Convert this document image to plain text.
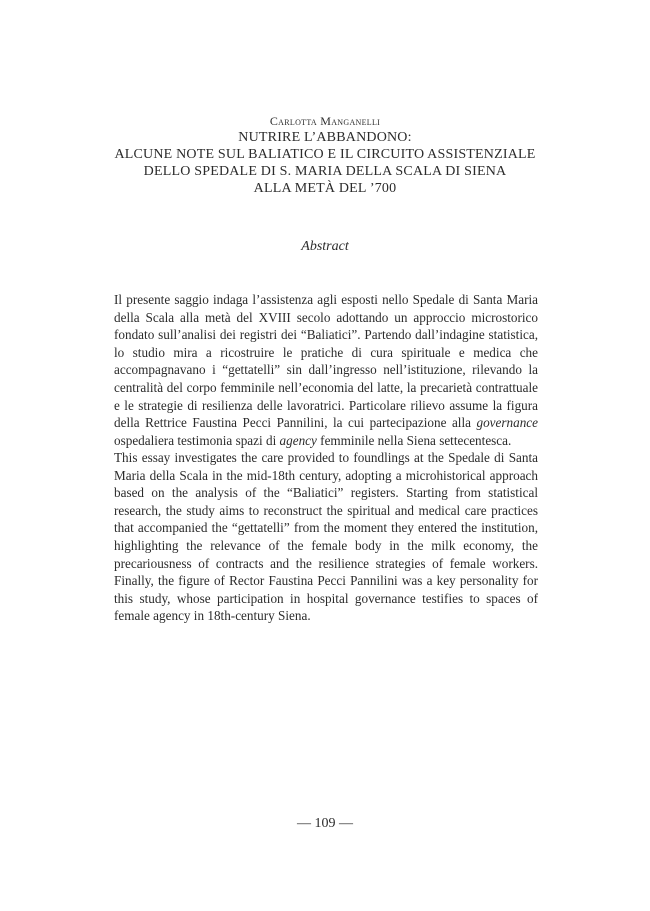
Carlotta Manganelli

NUTRIRE L’ABBANDONO:
ALCUNE NOTE SUL BALIATICO E IL CIRCUITO ASSISTENZIALE
DELLO SPEDALE DI S. MARIA DELLA SCALA DI SIENA
ALLA METÀ DEL ’700

Abstract

Il presente saggio indaga l’assistenza agli esposti nello Spedale di Santa Maria della Scala alla metà del XVIII secolo adottando un approccio microstorico fondato sull’analisi dei registri dei “Baliatici”. Partendo dall’indagine statistica, lo studio mira a ricostruire le pratiche di cura spirituale e medica che accompagnavano i “gettatelli” sin dall’ingresso nell’istituzione, rilevando la centralità del corpo femminile nell’economia del latte, la precarietà contrattuale e le strategie di resilienza delle lavoratrici. Particolare rilievo assume la figura della Rettrice Faustina Pecci Pannilini, la cui partecipazione alla governance ospedaliera testimonia spazi di agency femminile nella Siena settecentesca.

This essay investigates the care provided to foundlings at the Spedale di Santa Maria della Scala in the mid-18th century, adopting a microhistorical approach based on the analysis of the “Baliatici” registers. Starting from statistical research, the study aims to reconstruct the spiritual and medical care practices that accompanied the “gettatelli” from the moment they entered the institution, highlighting the relevance of the female body in the milk economy, the precariousness of contracts and the resilience strategies of female workers. Finally, the figure of Rector Faustina Pecci Pannilini was a key personality for this study, whose participation in hospital governance testifies to spaces of female agency in 18th-century Siena.

— 109 —
